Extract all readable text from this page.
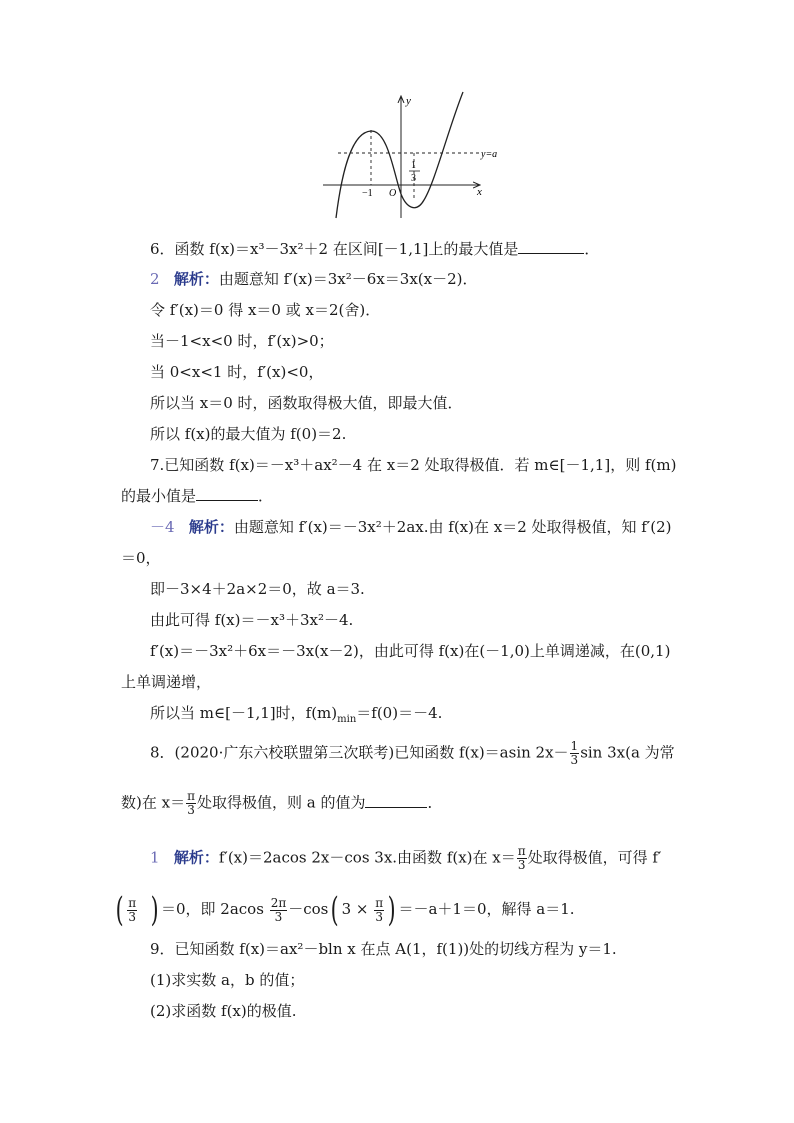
y
x
y=a
−1 O
1
3
6．函数 f(x)＝x³－3x²＋2 在区间[－1,1]上的最大值是	．
2 解析：由题意知 f′(x)＝3x²－6x＝3x(x－2)．
令 f′(x)＝0 得 x＝0 或 x＝2(舍)．
当－1<x<0 时，f′(x)>0；
当 0<x<1 时，f′(x)<0，
所以当 x＝0 时，函数取得极大值，即最大值．
所以 f(x)的最大值为 f(0)＝2.
7.已知函数 f(x)＝－x³＋ax²－4 在 x＝2 处取得极值．若 m∈[－1,1]，则 f(m)
的最小值是	．
－4 解析：由题意知 f′(x)＝－3x²＋2ax.由 f(x)在 x＝2 处取得极值，知 f′(2)
＝0，
即－3×4＋2a×2＝0，故 a＝3.
由此可得 f(x)＝－x³＋3x²－4.
f′(x)＝－3x²＋6x＝－3x(x－2)，由此可得 f(x)在(－1,0)上单调递减，在(0,1)
上单调递增，
所以当 m∈[－1,1]时，$f(m)_{min}=f(0)=-4$.
8．(2020·广东六校联盟第三次联考)已知函数 f(x)＝asin $2x- \frac{1}{3}$ sin 3x(a 为常
数)在 $x= \frac{\pi}{3}$ 处取得极值，则 a 的值为	．
1 解析：f′(x)＝2acos 2x－cos 3x.由函数 f(x)在 $x= \frac{\pi}{3}$ 处取得极值，可得 f′
( $\frac{\pi}{3}$ ) ＝0，即 $2acos \frac{2\pi}{3} -\cos$( $3 \times \frac{\pi}{3}$ ) ＝－a＋1＝0，解得 a＝1.
9．已知函数 f(x)＝ax²－bln x 在点 A(1，f(1))处的切线方程为 y＝1.
(1)求实数 a，b 的值；
(2)求函数 f(x)的极值.
